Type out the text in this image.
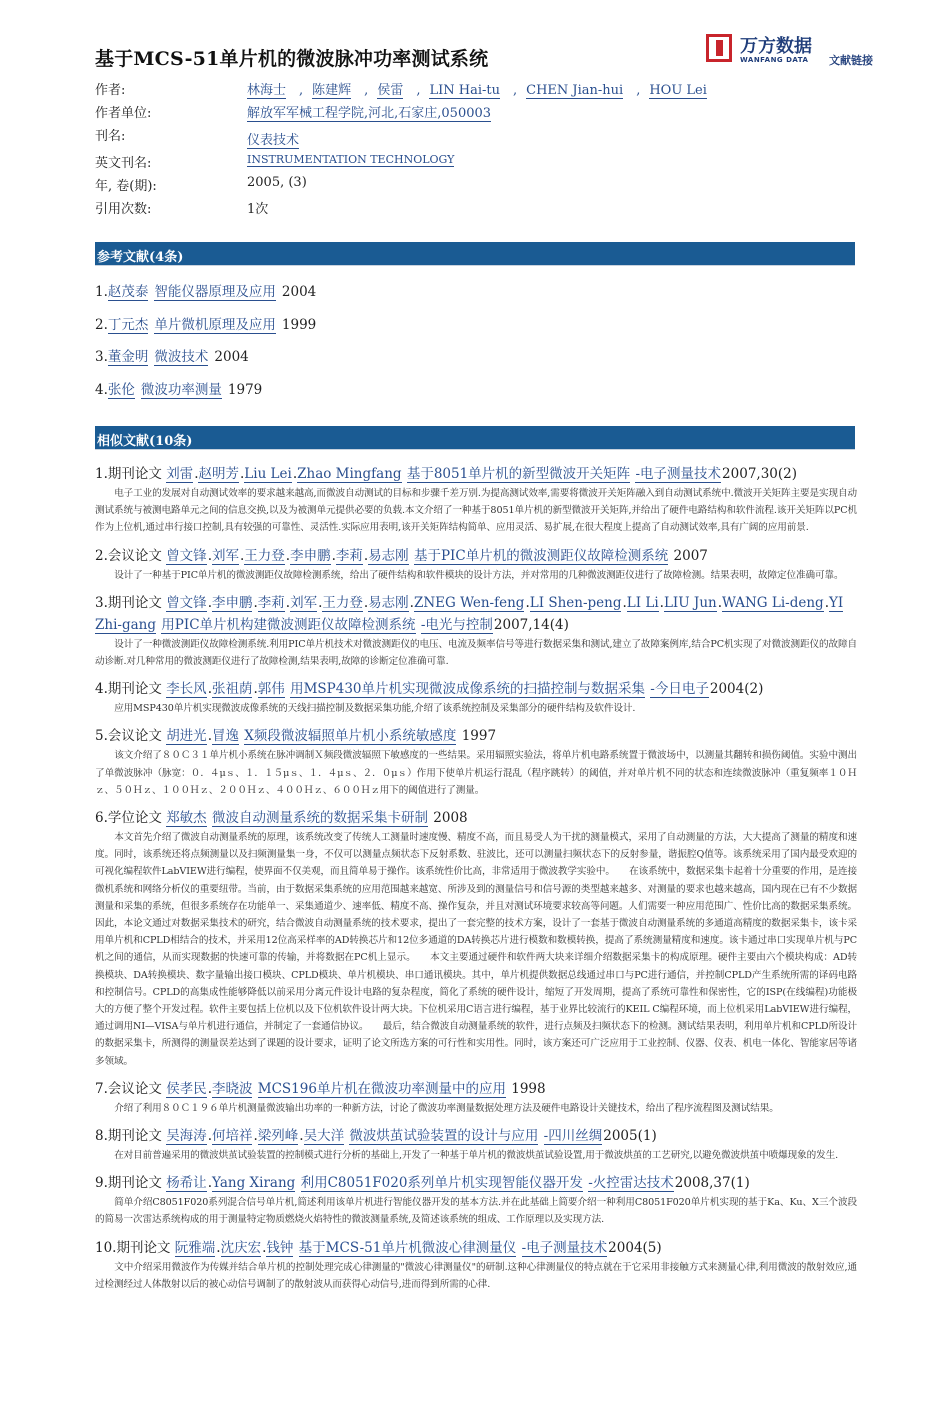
基于MCS-51单片机的微波脉冲功率测试系统
万方数据
WANFANG DATA 文献链接
作者:	林海士 , 陈建辉 , 侯雷 , LIN Hai-tu , CHEN Jian-hui , HOU Lei
作者单位:	解放军军械工程学院,河北,石家庄,050003
刊名:	仪表技术
英文刊名:	INSTRUMENTATION TECHNOLOGY
年, 卷(期):	2005, (3)
引用次数:	1次
参考文献(4条)
1.赵茂泰 智能仪器原理及应用 2004
2.丁元杰 单片微机原理及应用 1999
3.董金明 微波技术 2004
4.张伦 微波功率测量 1979
相似文献(10条)
1.期刊论文 刘雷.赵明芳.Liu Lei.Zhao Mingfang 基于8051单片机的新型微波开关矩阵 -电子测量技术2007,30(2)
电子工业的发展对自动测试效率的要求越来越高,而微波自动测试的目标和步骤千差万别.为提高测试效率,需要将微波开关矩阵融入到自动测试系统中.微波开关矩阵主要是实现自动测试系统与被测电路单元之间的信息交换,以及为被测单元提供必要的负载.本文介绍了一种基于8051单片机的新型微波开关矩阵,并给出了硬件电路结构和软件流程.该开关矩阵以PC机作为上位机,通过串行接口控制,具有较强的可靠性、灵活性.实际应用表明,该开关矩阵结构简单、应用灵活、易扩展,在很大程度上提高了自动测试效率,具有广阔的应用前景.
2.会议论文 曾文锋.刘军.王力登.李申鹏.李莉.易志刚 基于PIC单片机的微波测距仪故障检测系统 2007
设计了一种基于PIC单片机的微波测距仪故障检测系统，给出了硬件结构和软件模块的设计方法，并对常用的几种微波测距仪进行了故障检测。结果表明，故障定位准确可靠。
3.期刊论文 曾文锋.李申鹏.李莉.刘军.王力登.易志刚.ZNEG Wen-feng.LI Shen-peng.LI Li.LIU Jun.WANG Li-deng.YI Zhi-gang 用PIC单片机构建微波测距仪故障检测系统 -电光与控制2007,14(4)
设计了一种微波测距仪故障检测系统.利用PIC单片机技术对微波测距仪的电压、电流及频率信号等进行数据采集和测试,建立了故障案例库,结合PC机实现了对微波测距仪的故障自动诊断.对几种常用的微波测距仪进行了故障检测,结果表明,故障的诊断定位准确可靠.
4.期刊论文 李长风.张祖荫.郭伟 用MSP430单片机实现微波成像系统的扫描控制与数据采集 -今日电子2004(2)
应用MSP430单片机实现微波成像系统的天线扫描控制及数据采集功能,介绍了该系统控制及采集部分的硬件结构及软件设计.
5.会议论文 胡进光.冒逸 X频段微波辐照单片机小系统敏感度 1997
该文介绍了８０Ｃ３１单片机小系统在脉冲调制Ｘ频段微波辐照下敏感度的一些结果。采用辐照实验法，将单片机电路系统置于微波场中，以测量其翻转和损伤阈值。实验中测出了单微波脉冲（脉宽：０．４μｓ、１．１５μｓ、１．４μｓ、２．０μｓ）作用下使单片机运行混乱（程序跳转）的阈值，并对单片机不同的状态和连续微波脉冲（重复频率１０Ｈｚ、５０Ｈｚ、１００Ｈｚ、２００Ｈｚ、４００Ｈｚ、６００Ｈｚ用下的阈值进行了测量。
6.学位论文 郑敏杰 微波自动测量系统的数据采集卡研制 2008
本文首先介绍了微波自动测量系统的原理，该系统改变了传统人工测量时速度慢、精度不高，而且易受人为干扰的测量模式，采用了自动测量的方法，大大提高了测量的精度和速度。同时，该系统还将点频测量以及扫频测量集一身，不仅可以测量点频状态下反射系数、驻波比，还可以测量扫频状态下的反射参量，谐振腔Q值等。该系统采用了国内最受欢迎的可视化编程软件LabVIEW进行编程，使界面不仅美观，而且简单易于操作。该系统性价比高，非常适用于微波教学实验中。　　在该系统中，数据采集卡起着十分重要的作用，是连接微机系统和网络分析仪的重要纽带。当前，由于数据采集系统的应用范围越来越宽、所涉及到的测量信号和信号源的类型越来越多、对测量的要求也越来越高，国内现在已有不少数据测量和采集的系统，但很多系统存在功能单一、采集通道少、速率低、精度不高、操作复杂，并且对测试环境要求较高等问题。人们需要一种应用范围广、性价比高的数据采集系统。因此，本论文通过对数据采集技术的研究，结合微波自动测量系统的技术要求，提出了一套完整的技术方案，设计了一套基于微波自动测量系统的多通道高精度的数据采集卡，该卡采用单片机和CPLD相结合的技术，并采用12位高采样率的AD转换芯片和12位多通道的DA转换芯片进行模数和数模转换，提高了系统测量精度和速度。该卡通过串口实现单片机与PC机之间的通信，从而实现数据的快速可靠的传输，并将数据在PC机上显示。　　本文主要通过硬件和软件两大块来详细介绍数据采集卡的构成原理。硬件主要由六个模块构成：AD转换模块、DA转换模块、数字量输出接口模块、CPLD模块、单片机模块、串口通讯模块。其中，单片机提供数据总线通过串口与PC进行通信，并控制CPLD产生系统所需的译码电路和控制信号。CPLD的高集成性能够降低以前采用分离元件设计电路的复杂程度，简化了系统的硬件设计，缩短了开发周期，提高了系统可靠性和保密性，它的ISP(在线编程)功能极大的方便了整个开发过程。软件主要包括上位机以及下位机软件设计两大块。下位机采用C语言进行编程，基于业界比较流行的KEIL C编程环境，而上位机采用LabVIEW进行编程，通过调用NI—VISA与单片机进行通信，并制定了一套通信协议。　　最后，结合微波自动测量系统的软件，进行点频及扫频状态下的检测。测试结果表明，利用单片机和CPLD所设计的数据采集卡，所测得的测量误差达到了课题的设计要求，证明了论文所选方案的可行性和实用性。同时，该方案还可广泛应用于工业控制、仪器、仪表、机电一体化、智能家居等诸多领域。
7.会议论文 侯孝民.李晓波 MCS196单片机在微波功率测量中的应用 1998
介绍了利用８０Ｃ１９６单片机测量微波输出功率的一种新方法，讨论了微波功率测量数据处理方法及硬件电路设计关键技术，给出了程序流程图及测试结果。
8.期刊论文 吴海涛.何培祥.梁列峰.吴大洋 微波烘茧试验装置的设计与应用 -四川丝绸2005(1)
在对目前普遍采用的微波烘茧试验装置的控制模式进行分析的基础上,开发了一种基于单片机的微波烘茧试验设置,用于微波烘茧的工艺研究,以避免微波烘茧中喷爆现象的发生.
9.期刊论文 杨希让.Yang Xirang 利用C8051F020系列单片机实现智能仪器开发 -火控雷达技术2008,37(1)
简单介绍C8051F020系列混合信号单片机,简述利用该单片机进行智能仪器开发的基本方法.并在此基础上简要介绍一种利用C8051F020单片机实现的基于Ka、Ku、X三个波段的简易一次雷达系统构成的用于测量特定物质燃烧火焰特性的微波测量系统,及简述该系统的组成、工作原理以及实现方法.
10.期刊论文 阮雅端.沈庆宏.钱钟 基于MCS-51单片机微波心律测量仪 -电子测量技术2004(5)
文中介绍采用微波作为传媒并结合单片机的控制处理完成心律测量的"微波心律测量仪"的研制.这种心律测量仪的特点就在于它采用非接触方式来测量心律,利用微波的散射效应,通过检测经过人体散射以后的被心动信号调制了的散射波从而获得心动信号,进而得到所需的心律.
